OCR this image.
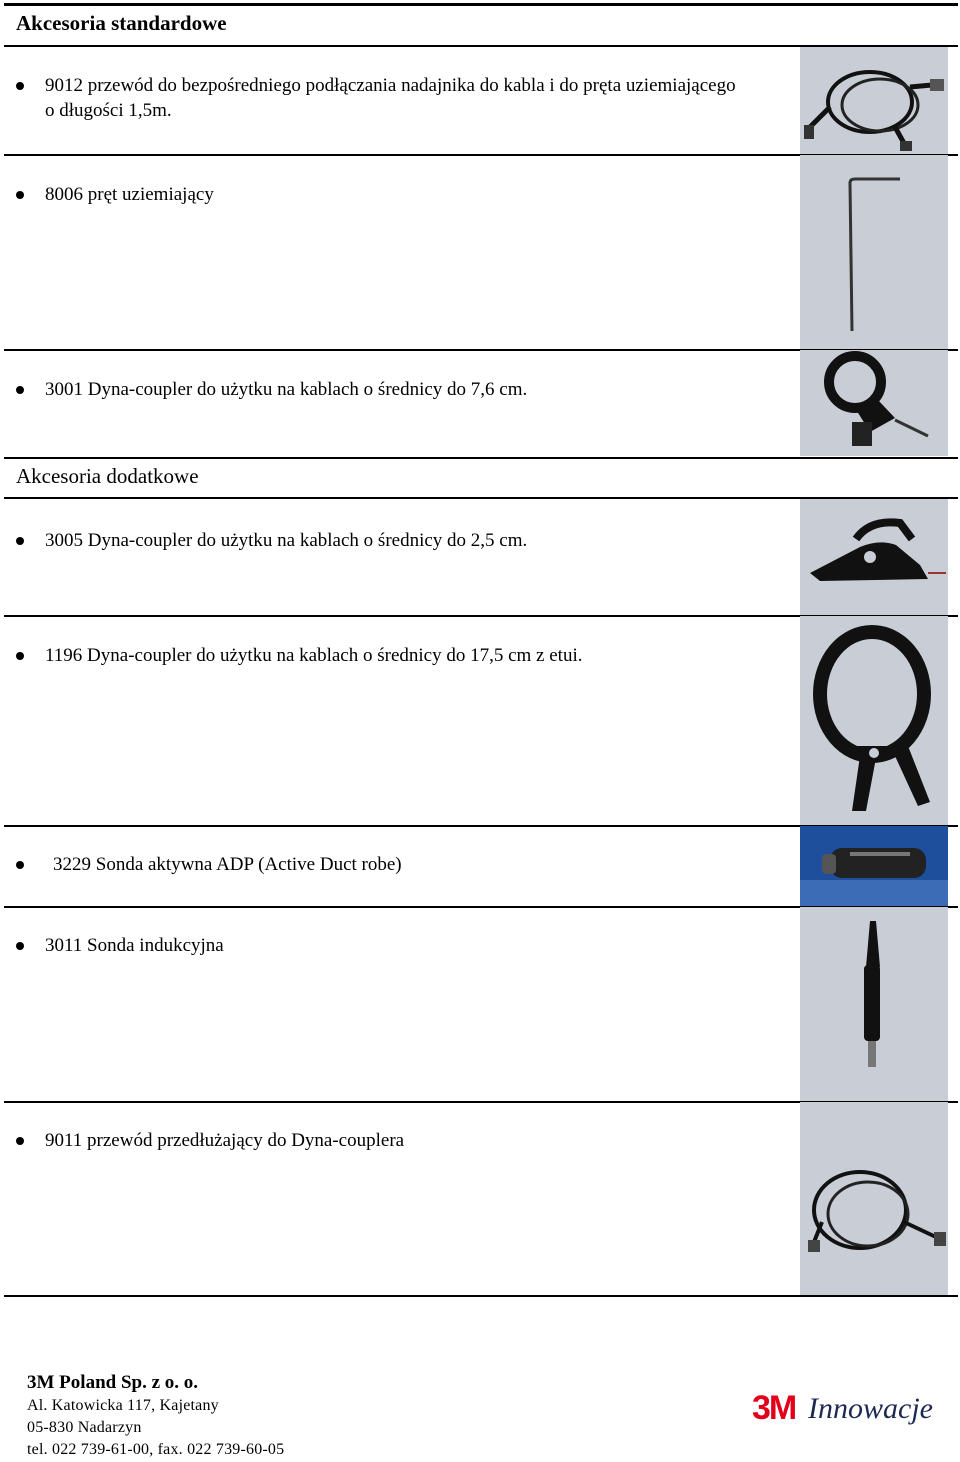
Akcesoria standardowe
Akcesoria dodatkowe
9012 przewód do bezpośredniego podłączania nadajnika do kabla i do pręta uziemiającego o długości 1,5m.
8006 pręt uziemiający
3001 Dyna-coupler do użytku na kablach o średnicy do 7,6 cm.
3005 Dyna-coupler do użytku na kablach o średnicy do 2,5 cm.
1196 Dyna-coupler do użytku na kablach o średnicy do 17,5 cm z etui.
3229 Sonda aktywna ADP (Active Duct robe)
3011 Sonda indukcyjna
9011 przewód przedłużający do Dyna-couplera
3M Poland Sp. z o. o.
Al. Katowicka 117, Kajetany
05-830 Nadarzyn
tel. 022 739-61-00, fax. 022 739-60-05
3M Innowacje
